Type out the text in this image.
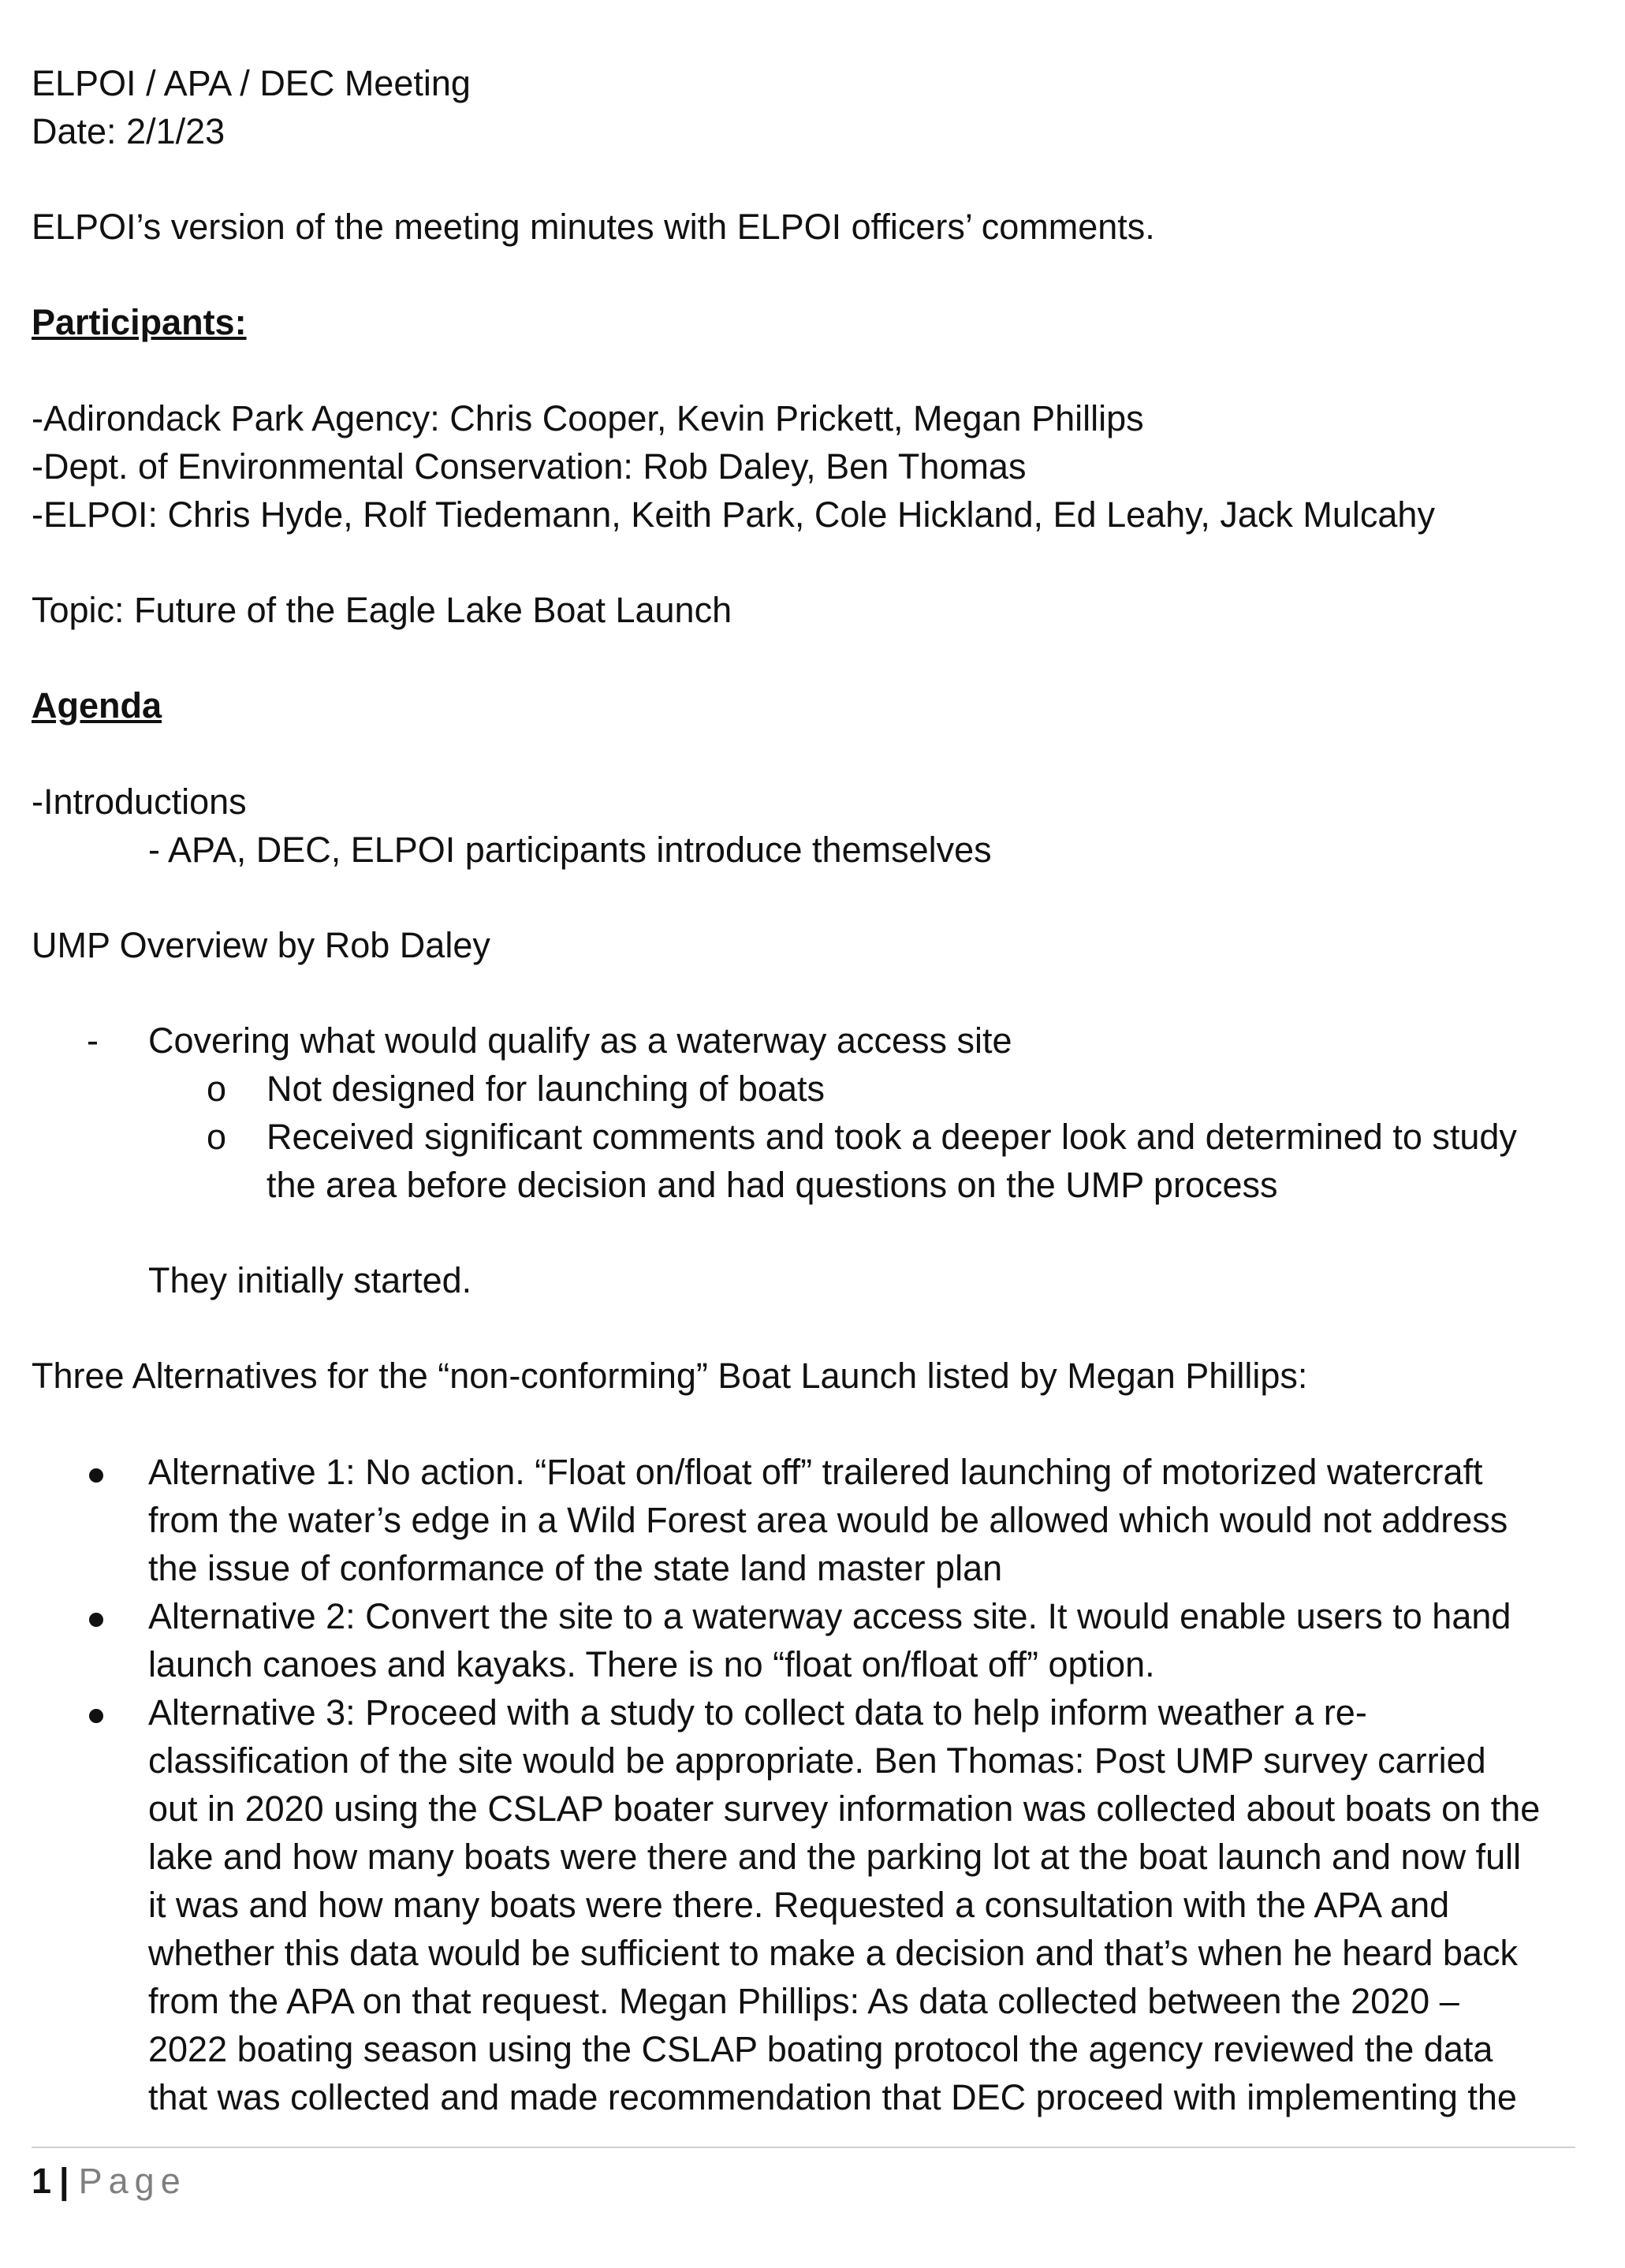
ELPOI / APA / DEC Meeting
Date: 2/1/23
ELPOI’s version of the meeting minutes with ELPOI officers’ comments.
Participants:
-Adirondack Park Agency: Chris Cooper, Kevin Prickett, Megan Phillips
-Dept. of Environmental Conservation: Rob Daley, Ben Thomas
-ELPOI: Chris Hyde, Rolf Tiedemann, Keith Park, Cole Hickland, Ed Leahy, Jack Mulcahy
Topic: Future of the Eagle Lake Boat Launch
Agenda
-Introductions
- APA, DEC, ELPOI participants introduce themselves
UMP Overview by Rob Daley
- Covering what would qualify as a waterway access site
o Not designed for launching of boats
o Received significant comments and took a deeper look and determined to study
the area before decision and had questions on the UMP process
They initially started.
Three Alternatives for the “non-conforming” Boat Launch listed by Megan Phillips:
Alternative 1: No action. “Float on/float off” trailered launching of motorized watercraft
from the water’s edge in a Wild Forest area would be allowed which would not address
the issue of conformance of the state land master plan
Alternative 2: Convert the site to a waterway access site. It would enable users to hand
launch canoes and kayaks. There is no “float on/float off” option.
Alternative 3: Proceed with a study to collect data to help inform weather a re-
classification of the site would be appropriate. Ben Thomas: Post UMP survey carried
out in 2020 using the CSLAP boater survey information was collected about boats on the
lake and how many boats were there and the parking lot at the boat launch and now full
it was and how many boats were there. Requested a consultation with the APA and
whether this data would be sufficient to make a decision and that’s when he heard back
from the APA on that request. Megan Phillips: As data collected between the 2020 –
2022 boating season using the CSLAP boating protocol the agency reviewed the data
that was collected and made recommendation that DEC proceed with implementing the
1 | Page
